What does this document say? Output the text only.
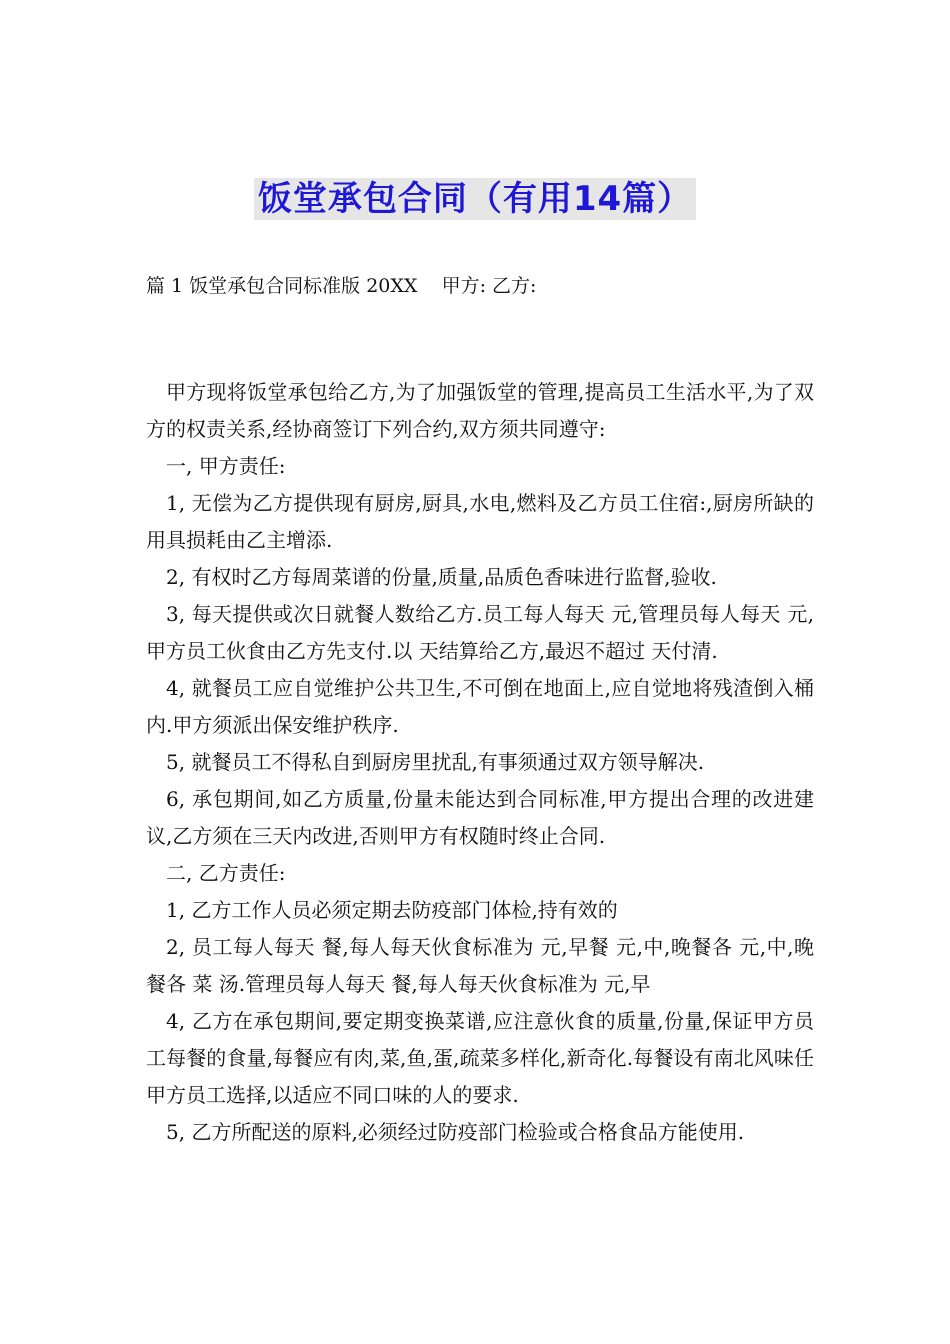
饭堂承包合同（有用14篇）
篇 1 饭堂承包合同标准版 20XX    甲方: 乙方:

甲方现将饭堂承包给乙方,为了加强饭堂的管理,提高员工生活水平,为了双方的权责关系,经协商签订下列合约,双方须共同遵守:

一, 甲方责任:

1, 无偿为乙方提供现有厨房,厨具,水电,燃料及乙方员工住宿:,厨房所缺的用具损耗由乙主增添.

2, 有权时乙方每周菜谱的份量,质量,品质色香味进行监督,验收.

3, 每天提供或次日就餐人数给乙方.员工每人每天 元,管理员每人每天 元,甲方员工伙食由乙方先支付.以 天结算给乙方,最迟不超过 天付清.

4, 就餐员工应自觉维护公共卫生,不可倒在地面上,应自觉地将残渣倒入桶内.甲方须派出保安维护秩序.

5, 就餐员工不得私自到厨房里扰乱,有事须通过双方领导解决.

6, 承包期间,如乙方质量,份量未能达到合同标准,甲方提出合理的改进建议,乙方须在三天内改进,否则甲方有权随时终止合同.

二, 乙方责任:

1, 乙方工作人员必须定期去防疫部门体检,持有效的

2, 员工每人每天 餐,每人每天伙食标准为 元,早餐 元,中,晚餐各 元,中,晚餐各 菜 汤.管理员每人每天 餐,每人每天伙食标准为 元,早

4, 乙方在承包期间,要定期变换菜谱,应注意伙食的质量,份量,保证甲方员工每餐的食量,每餐应有肉,菜,鱼,蛋,疏菜多样化,新奇化.每餐设有南北风味任甲方员工选择,以适应不同口味的人的要求.

5, 乙方所配送的原料,必须经过防疫部门检验或合格食品方能使用.
